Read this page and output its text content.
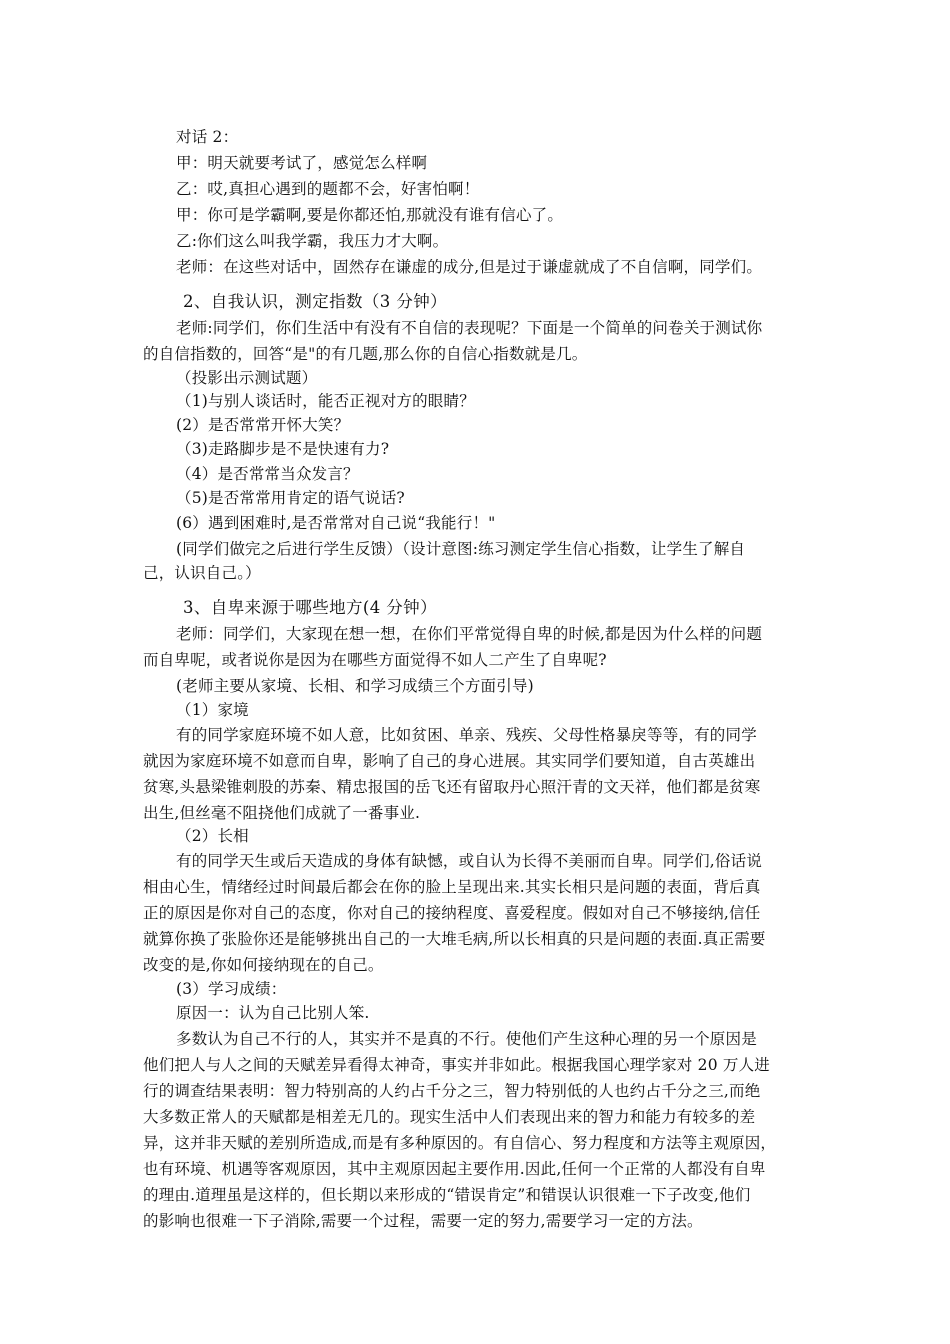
对话 2：
甲：明天就要考试了，感觉怎么样啊
乙：哎,真担心遇到的题都不会，好害怕啊！
甲：你可是学霸啊,要是你都还怕,那就没有谁有信心了。
乙:你们这么叫我学霸，我压力才大啊。
老师：在这些对话中，固然存在谦虚的成分,但是过于谦虚就成了不自信啊，同学们。
2、自我认识，测定指数（3 分钟）
老师:同学们，你们生活中有没有不自信的表现呢？下面是一个简单的问卷关于测试你
的自信指数的，回答“是"的有几题,那么你的自信心指数就是几。
（投影出示测试题）
（1)与别人谈话时，能否正视对方的眼睛？
(2）是否常常开怀大笑？
（3)走路脚步是不是快速有力?
（4）是否常常当众发言？
（5)是否常常用肯定的语气说话?
(6）遇到困难时,是否常常对自己说“我能行！"
(同学们做完之后进行学生反馈）（设计意图:练习测定学生信心指数，让学生了解自
己，认识自己。）
3、自卑来源于哪些地方(4 分钟）
老师：同学们，大家现在想一想，在你们平常觉得自卑的时候,都是因为什么样的问题
而自卑呢，或者说你是因为在哪些方面觉得不如人二产生了自卑呢?
(老师主要从家境、长相、和学习成绩三个方面引导)
（1）家境
有的同学家庭环境不如人意，比如贫困、单亲、残疾、父母性格暴戾等等，有的同学
就因为家庭环境不如意而自卑，影响了自己的身心进展。其实同学们要知道，自古英雄出
贫寒,头悬梁锥刺股的苏秦、精忠报国的岳飞还有留取丹心照汗青的文天祥，他们都是贫寒
出生,但丝毫不阻挠他们成就了一番事业.
（2）长相
有的同学天生或后天造成的身体有缺憾，或自认为长得不美丽而自卑。同学们,俗话说
相由心生，情绪经过时间最后都会在你的脸上呈现出来.其实长相只是问题的表面，背后真
正的原因是你对自己的态度，你对自己的接纳程度、喜爱程度。假如对自己不够接纳,信任
就算你换了张脸你还是能够挑出自己的一大堆毛病,所以长相真的只是问题的表面.真正需要
改变的是,你如何接纳现在的自己。
(3）学习成绩：
原因一：认为自己比别人笨.
多数认为自己不行的人，其实并不是真的不行。使他们产生这种心理的另一个原因是
他们把人与人之间的天赋差异看得太神奇，事实并非如此。根据我国心理学家对 20 万人进
行的调查结果表明：智力特别高的人约占千分之三，智力特别低的人也约占千分之三,而绝
大多数正常人的天赋都是相差无几的。现实生活中人们表现出来的智力和能力有较多的差
异，这并非天赋的差别所造成,而是有多种原因的。有自信心、努力程度和方法等主观原因，
也有环境、机遇等客观原因，其中主观原因起主要作用.因此,任何一个正常的人都没有自卑
的理由.道理虽是这样的，但长期以来形成的“错误肯定”和错误认识很难一下子改变,他们
的影响也很难一下子消除,需要一个过程，需要一定的努力,需要学习一定的方法。
